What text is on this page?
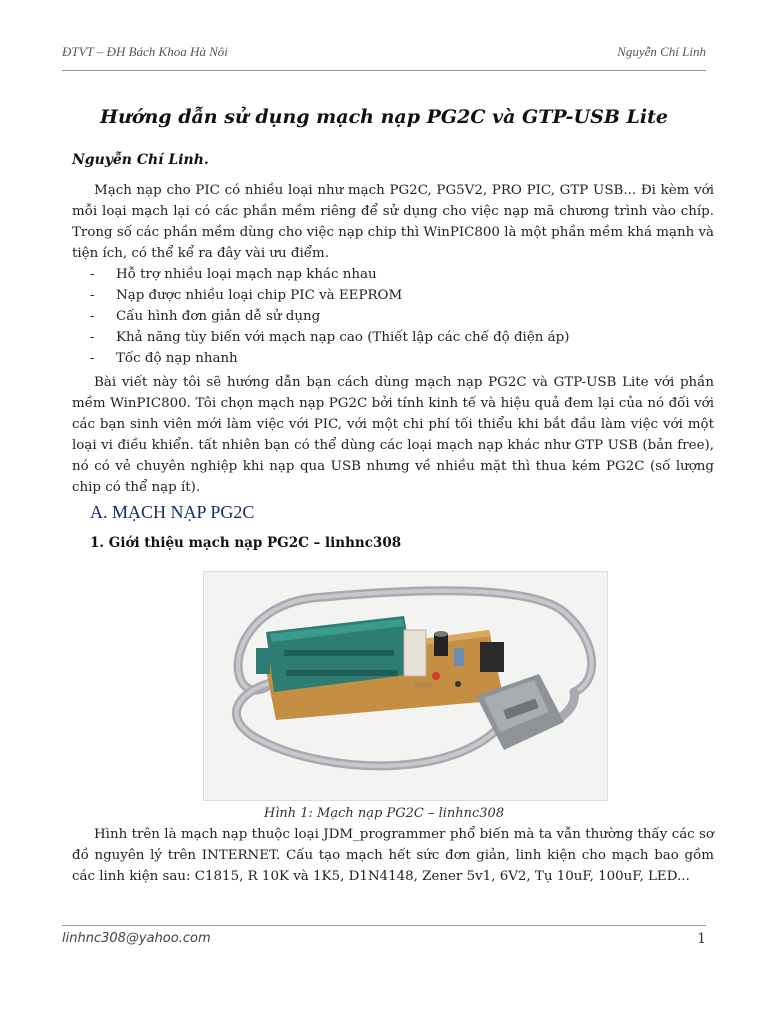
ĐTVT – ĐH Bách Khoa Hà Nôi	Nguyễn Chí Linh
Hướng dẫn sử dụng mạch nạp PG2C và GTP-USB Lite
Nguyễn Chí Linh.
Mạch nạp cho PIC có nhiều loại như mạch PG2C, PG5V2, PRO PIC, GTP USB... Đi kèm với mỗi loại mạch lại có các phần mềm riêng để sử dụng cho việc nạp mã chương trình vào chíp. Trong số các phần mềm dùng cho việc nạp chip thì WinPIC800 là một phần mềm khá mạnh và tiện ích, có thể kể ra đây vài ưu điểm.
- Hỗ trợ nhiều loại mạch nạp khác nhau
- Nạp được nhiều loại chip PIC và EEPROM
- Cấu hình đơn giản dễ sử dụng
- Khả năng tùy biến với mạch nạp cao (Thiết lập các chế độ điện áp)
- Tốc độ nạp nhanh
Bài viết này tôi sẽ hướng dẫn bạn cách dùng mạch nạp PG2C và GTP-USB Lite với phần mềm WinPIC800. Tôi chọn mạch nạp PG2C bởi tính kinh tế và hiệu quả đem lại của nó đối với các bạn sinh viên mới làm việc với PIC, với một chi phí tối thiểu khi bắt đầu làm việc với một loại vi điều khiển. tất nhiên bạn có thể dùng các loại mạch nạp khác như GTP USB (bản free), nó có vẻ chuyên nghiệp khi nạp qua USB nhưng về nhiều mặt thì thua kém PG2C (số lượng chip có thể nạp ít).
A. MẠCH NẠP PG2C
1. Giới thiệu mạch nạp PG2C – linhnc308
Hình 1: Mạch nạp PG2C – linhnc308
Hình trên là mạch nạp thuộc loại JDM_programmer phổ biến mà ta vẫn thường thấy các sơ đồ nguyên lý trên INTERNET. Cấu tạo mạch hết sức đơn giản, linh kiện cho mạch bao gồm các linh kiện sau: C1815, R 10K và 1K5, D1N4148, Zener 5v1, 6V2, Tụ 10uF, 100uF, LED...
linhnc308@yahoo.com	1
